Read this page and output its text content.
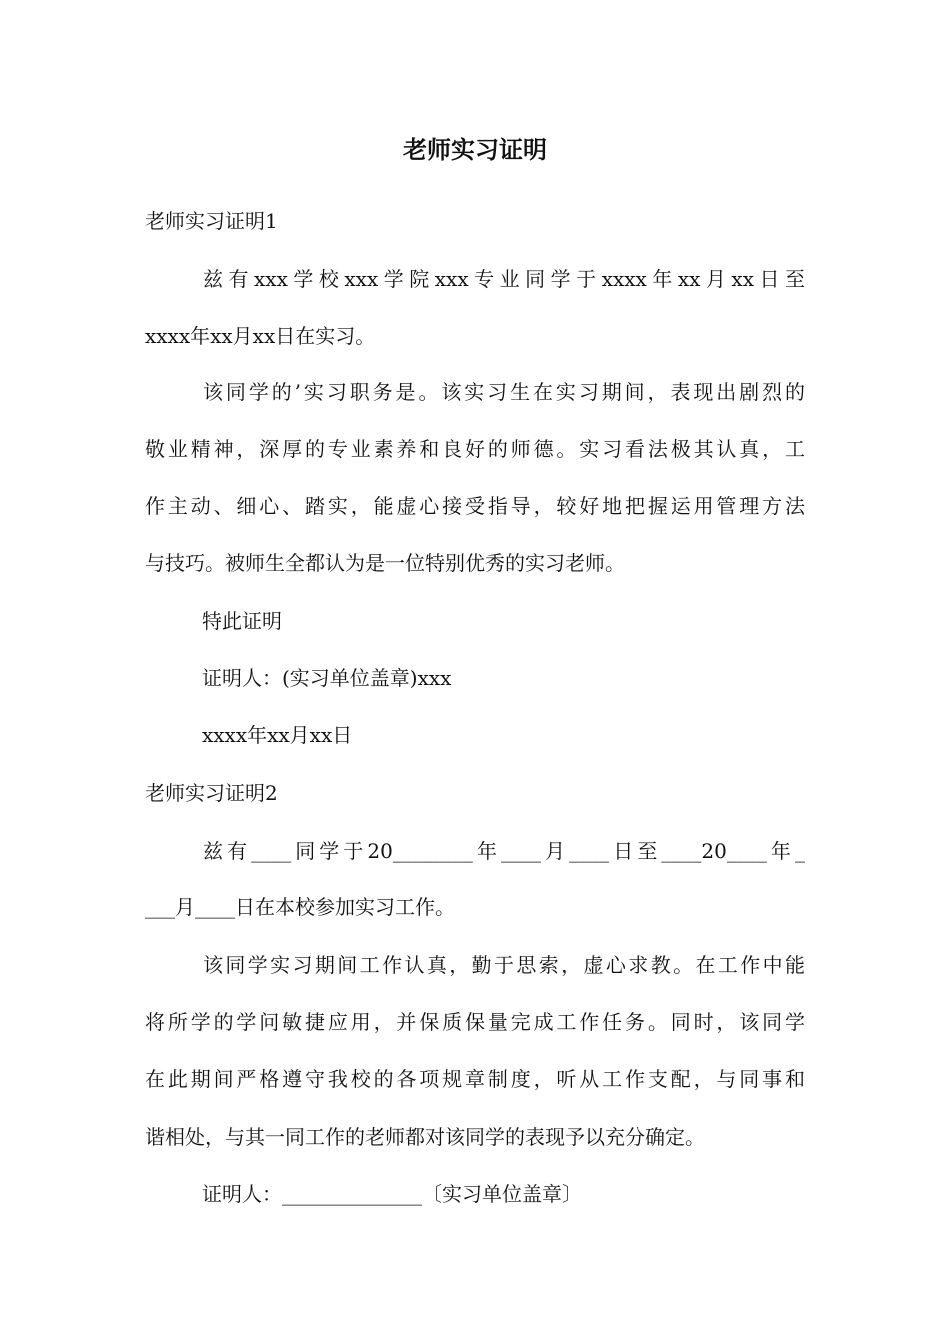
老师实习证明
老师实习证明1
兹有xxx学校xxx学院xxx专业同学于xxxx年xx月xx日至
xxxx年xx月xx日在实习。
该同学的’实习职务是。该实习生在实习期间，表现出剧烈的
敬业精神，深厚的专业素养和良好的师德。实习看法极其认真，工
作主动、细心、踏实，能虚心接受指导，较好地把握运用管理方法
与技巧。被师生全都认为是一位特别优秀的实习老师。
特此证明
证明人：(实习单位盖章)xxx
xxxx年xx月xx日
老师实习证明2
兹有____同学于20________年____月____日至____20____年_
___月____日在本校参加实习工作。
该同学实习期间工作认真，勤于思索，虚心求教。在工作中能
将所学的学问敏捷应用，并保质保量完成工作任务。同时，该同学
在此期间严格遵守我校的各项规章制度，听从工作支配，与同事和
谐相处，与其一同工作的老师都对该同学的表现予以充分确定。
证明人：______________〔实习单位盖章〕
